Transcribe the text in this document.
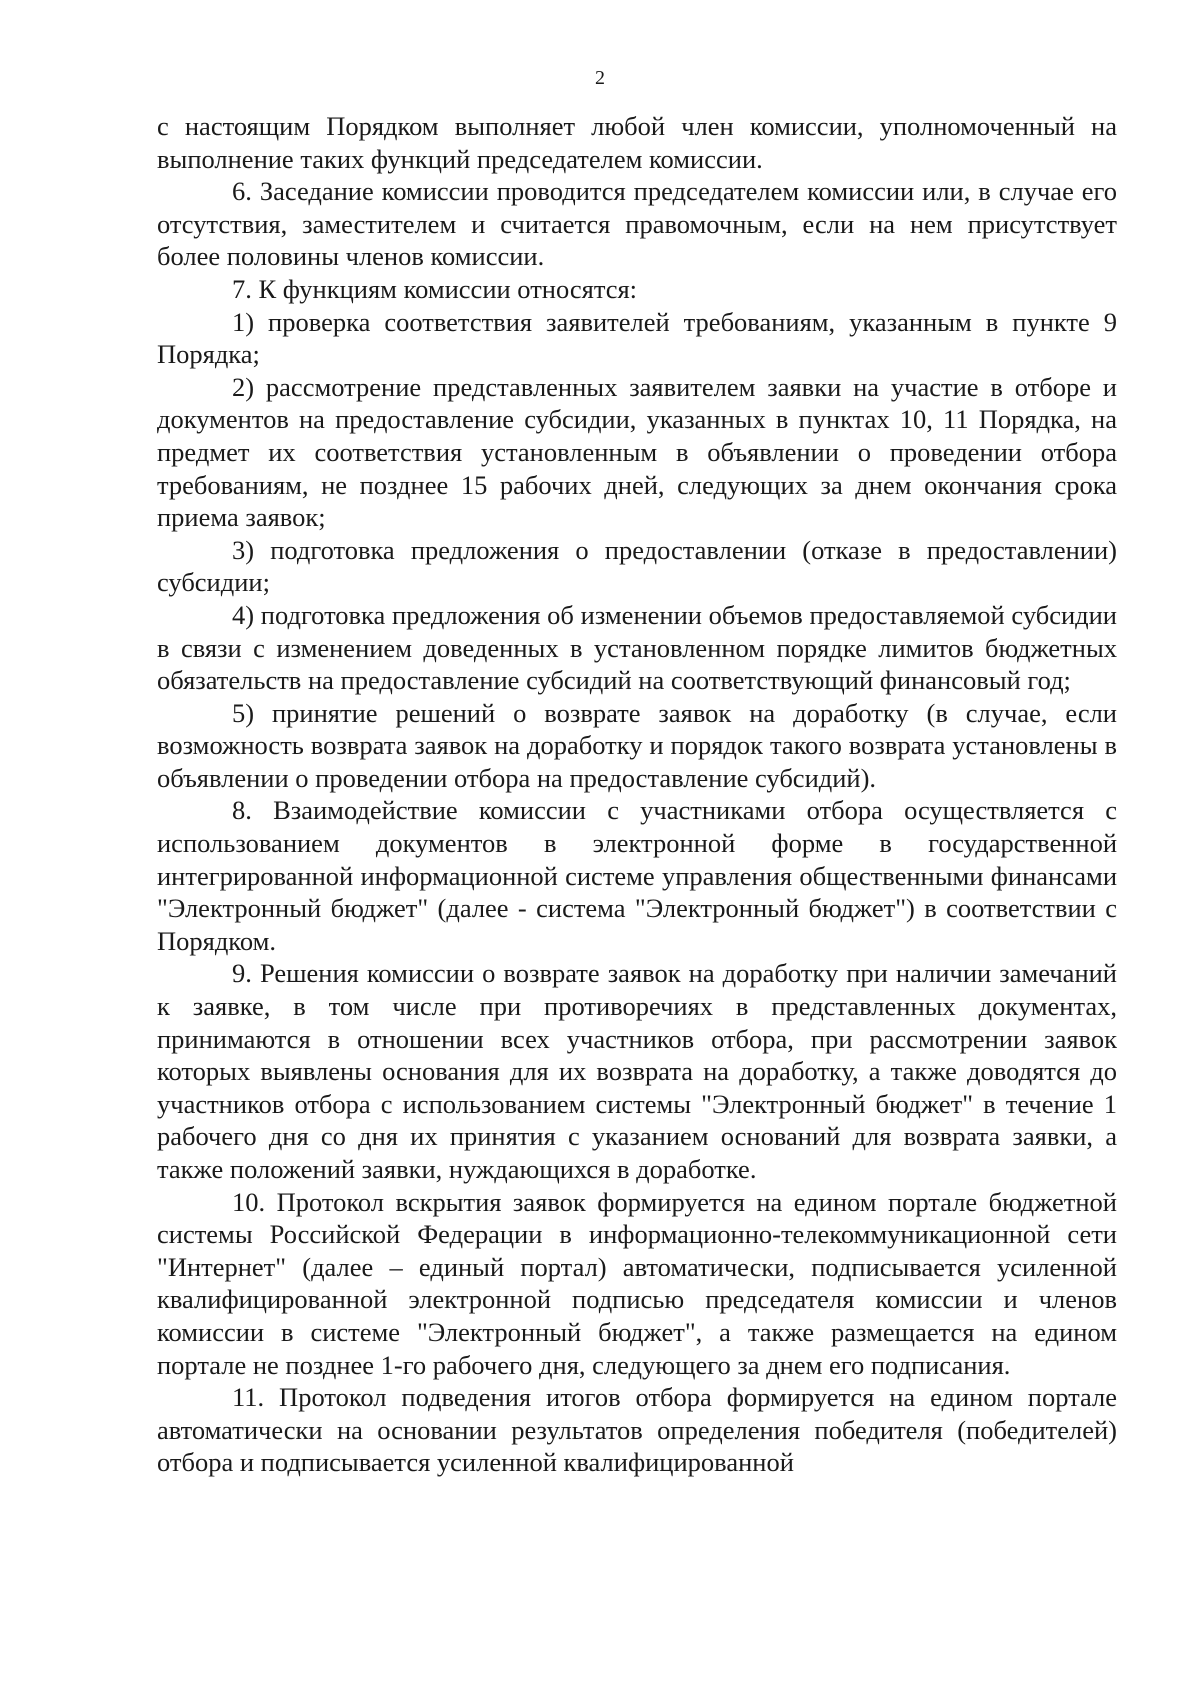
2

с настоящим Порядком выполняет любой член комиссии, уполномоченный на выполнение таких функций председателем комиссии.

6. Заседание комиссии проводится председателем комиссии или, в случае его отсутствия, заместителем и считается правомочным, если на нем присутствует более половины членов комиссии.

7. К функциям комиссии относятся:

1) проверка соответствия заявителей требованиям, указанным в пункте 9 Порядка;

2) рассмотрение представленных заявителем заявки на участие в отборе и документов на предоставление субсидии, указанных в пунктах 10, 11 Порядка, на предмет их соответствия установленным в объявлении о проведении отбора требованиям, не позднее 15 рабочих дней, следующих за днем окончания срока приема заявок;

3) подготовка предложения о предоставлении (отказе в предоставлении) субсидии;

4) подготовка предложения об изменении объемов предоставляемой субсидии в связи с изменением доведенных в установленном порядке лимитов бюджетных обязательств на предоставление субсидий на соответствующий финансовый год;

5) принятие решений о возврате заявок на доработку (в случае, если возможность возврата заявок на доработку и порядок такого возврата установлены в объявлении о проведении отбора на предоставление субсидий).

8. Взаимодействие комиссии с участниками отбора осуществляется с использованием документов в электронной форме в государственной интегрированной информационной системе управления общественными финансами "Электронный бюджет" (далее - система "Электронный бюджет") в соответствии с Порядком.

9. Решения комиссии о возврате заявок на доработку при наличии замечаний к заявке, в том числе при противоречиях в представленных документах, принимаются в отношении всех участников отбора, при рассмотрении заявок которых выявлены основания для их возврата на доработку, а также доводятся до участников отбора с использованием системы "Электронный бюджет" в течение 1 рабочего дня со дня их принятия с указанием оснований для возврата заявки, а также положений заявки, нуждающихся в доработке.

10. Протокол вскрытия заявок формируется на едином портале бюджетной системы Российской Федерации в информационно-телекоммуникационной сети "Интернет" (далее – единый портал) автоматически, подписывается усиленной квалифицированной электронной подписью председателя комиссии и членов комиссии в системе "Электронный бюджет", а также размещается на едином портале не позднее 1-го рабочего дня, следующего за днем его подписания.

11. Протокол подведения итогов отбора формируется на едином портале автоматически на основании результатов определения победителя (победителей) отбора и подписывается усиленной квалифицированной
